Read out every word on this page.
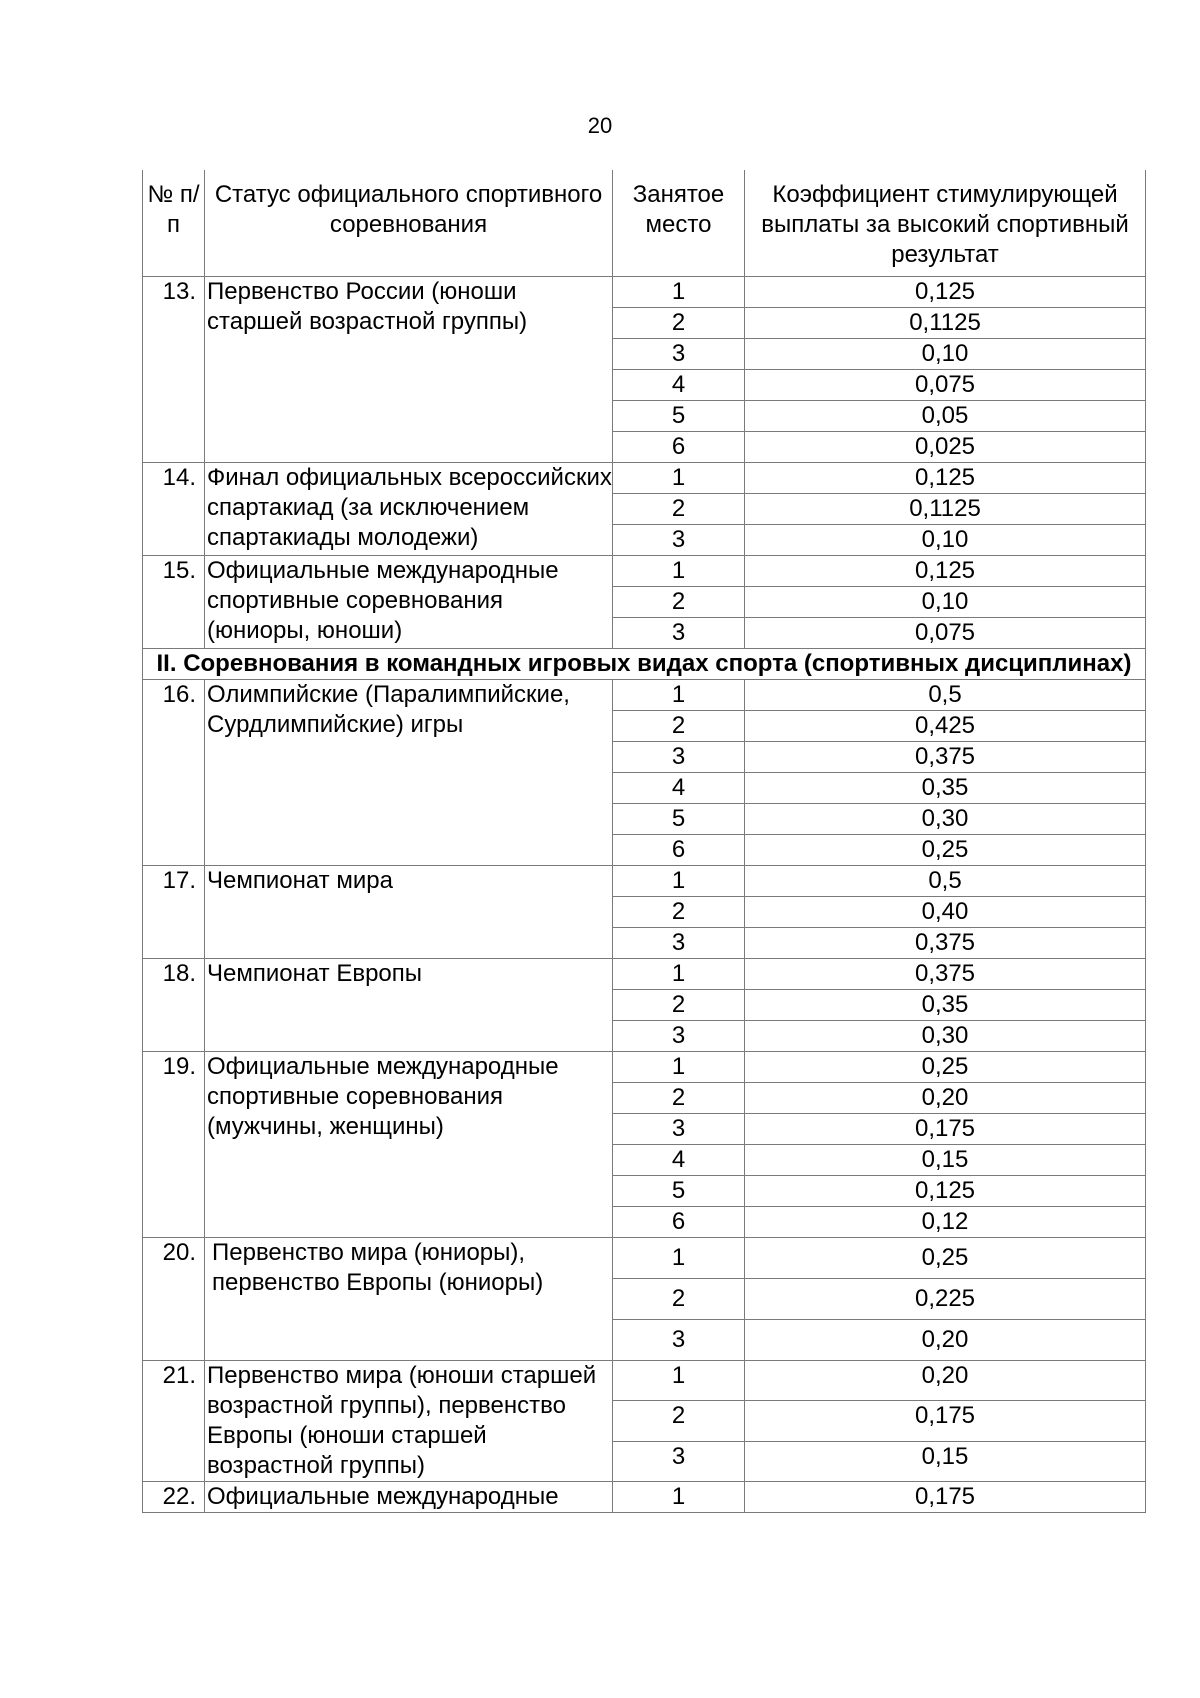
20
№ п/п	Статус официального спортивного соревнования	Занятое место	Коэффициент стимулирующей выплаты за высокий спортивный результат
13.	Первенство России (юноши старшей возрастной группы)	1	0,125
		2	0,1125
		3	0,10
		4	0,075
		5	0,05
		6	0,025
14.	Финал официальных всероссийских спартакиад (за исключением спартакиады молодежи)	1	0,125
		2	0,1125
		3	0,10
15.	Официальные международные спортивные соревнования (юниоры, юноши)	1	0,125
		2	0,10
		3	0,075
II. Соревнования в командных игровых видах спорта (спортивных дисциплинах)			
16.	Олимпийские (Паралимпийские, Сурдлимпийские) игры	1	0,5
		2	0,425
		3	0,375
		4	0,35
		5	0,30
		6	0,25
17.	Чемпионат мира	1	0,5
		2	0,40
		3	0,375
18.	Чемпионат Европы	1	0,375
		2	0,35
		3	0,30
19.	Официальные международные спортивные соревнования (мужчины, женщины)	1	0,25
		2	0,20
		3	0,175
		4	0,15
		5	0,125
		6	0,12
20.	Первенство мира (юниоры), первенство Европы (юниоры)	1	0,25
		2	0,225
		3	0,20
21.	Первенство мира (юноши старшей возрастной группы), первенство Европы (юноши старшей возрастной группы)	1	0,20
		2	0,175
		3	0,15
22.	Официальные международные	1	0,175
